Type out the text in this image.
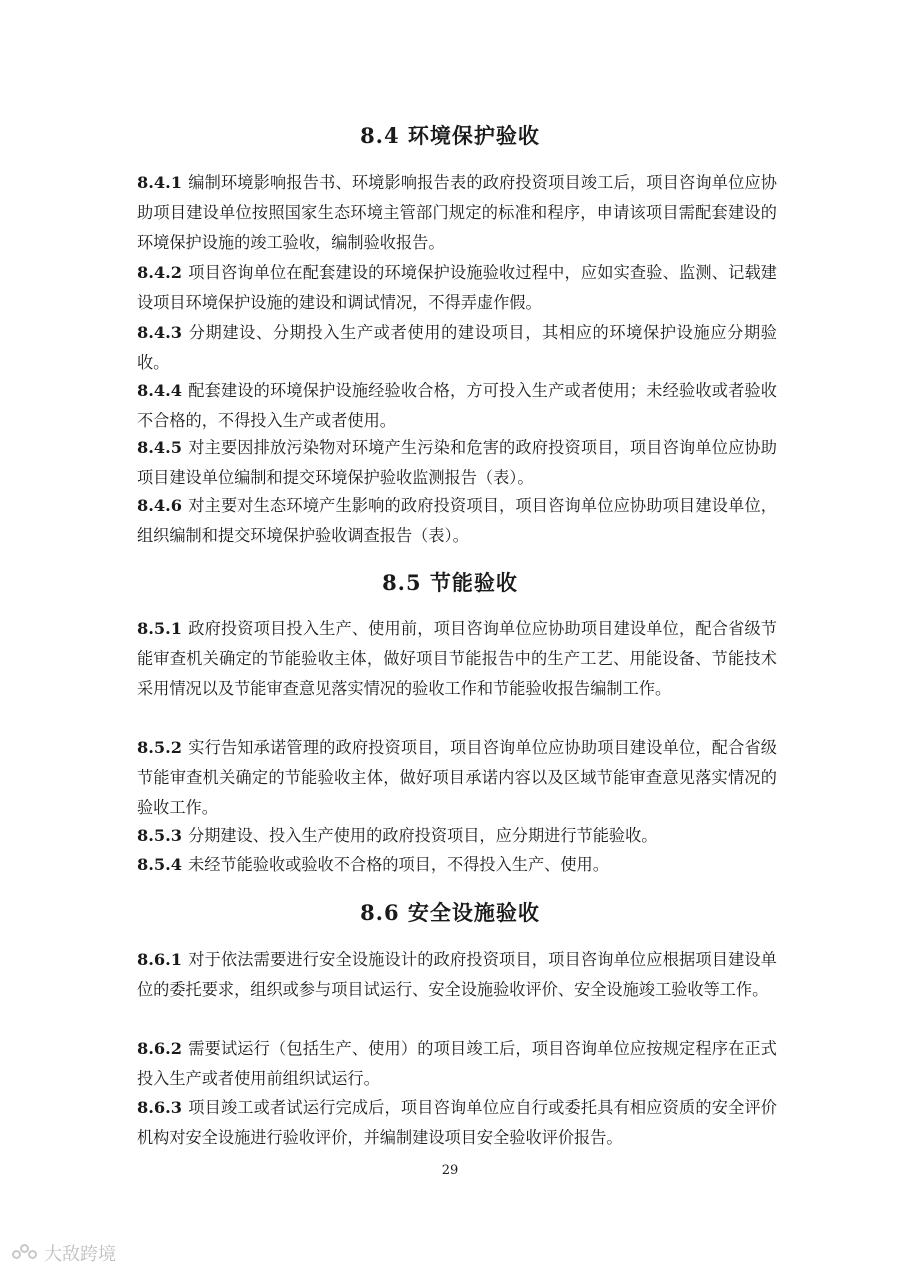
8.4 环境保护验收
8.4.1 编制环境影响报告书、环境影响报告表的政府投资项目竣工后，项目咨询单位应协助项目建设单位按照国家生态环境主管部门规定的标准和程序，申请该项目需配套建设的环境保护设施的竣工验收，编制验收报告。
8.4.2 项目咨询单位在配套建设的环境保护设施验收过程中，应如实查验、监测、记载建设项目环境保护设施的建设和调试情况，不得弄虚作假。
8.4.3 分期建设、分期投入生产或者使用的建设项目，其相应的环境保护设施应分期验收。
8.4.4 配套建设的环境保护设施经验收合格，方可投入生产或者使用；未经验收或者验收不合格的，不得投入生产或者使用。
8.4.5 对主要因排放污染物对环境产生污染和危害的政府投资项目，项目咨询单位应协助项目建设单位编制和提交环境保护验收监测报告（表）。
8.4.6 对主要对生态环境产生影响的政府投资项目，项目咨询单位应协助项目建设单位，组织编制和提交环境保护验收调查报告（表）。
8.5 节能验收
8.5.1 政府投资项目投入生产、使用前，项目咨询单位应协助项目建设单位，配合省级节能审查机关确定的节能验收主体，做好项目节能报告中的生产工艺、用能设备、节能技术采用情况以及节能审查意见落实情况的验收工作和节能验收报告编制工作。
8.5.2 实行告知承诺管理的政府投资项目，项目咨询单位应协助项目建设单位，配合省级节能审查机关确定的节能验收主体，做好项目承诺内容以及区域节能审查意见落实情况的验收工作。
8.5.3 分期建设、投入生产使用的政府投资项目，应分期进行节能验收。
8.5.4 未经节能验收或验收不合格的项目，不得投入生产、使用。
8.6 安全设施验收
8.6.1 对于依法需要进行安全设施设计的政府投资项目，项目咨询单位应根据项目建设单位的委托要求，组织或参与项目试运行、安全设施验收评价、安全设施竣工验收等工作。
8.6.2 需要试运行（包括生产、使用）的项目竣工后，项目咨询单位应按规定程序在正式投入生产或者使用前组织试运行。
8.6.3 项目竣工或者试运行完成后，项目咨询单位应自行或委托具有相应资质的安全评价机构对安全设施进行验收评价，并编制建设项目安全验收评价报告。
29
大敌跨境
